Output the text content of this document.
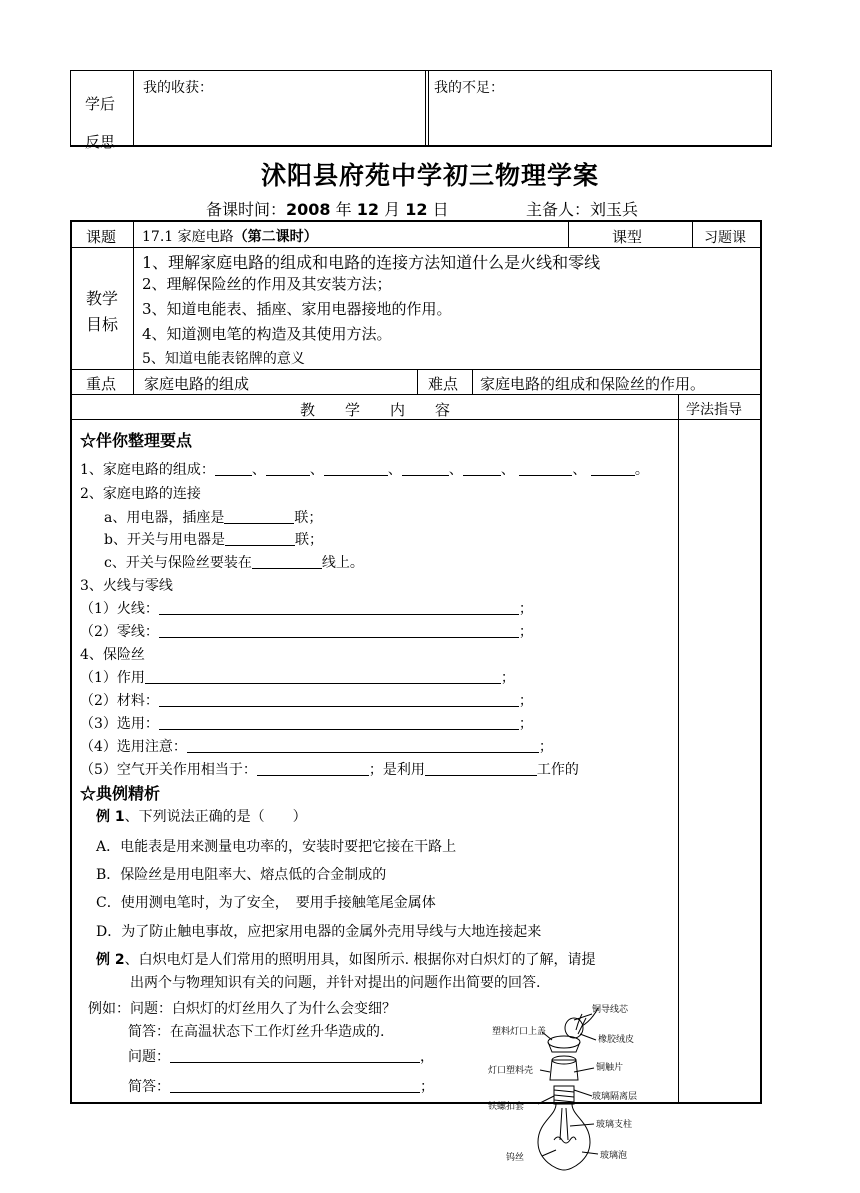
学后
反思
我的收获：	我的不足：
沭阳县府苑中学初三物理学案
备课时间：2008 年 12 月 12 日	主备人：刘玉兵
课题 17.1 家庭电路（第二课时）	课型	习题课
教学
目标
1、理解家庭电路的组成和电路的连接方法知道什么是火线和零线
2、理解保险丝的作用及其安装方法；
3、知道电能表、插座、家用电器接地的作用。
4、知道测电笔的构造及其使用方法。
5、知道电能表铭牌的意义
重点 家庭电路的组成	难点 家庭电路的组成和保险丝的作用。
教　　学　　内　　容	学法指导
☆伴你整理要点
1、家庭电路的组成：	、	、	、	、	、	、	。
2、家庭电路的连接
a、用电器，插座是	联；
b、开关与用电器是	联；
c、开关与保险丝要装在	线上。
3、火线与零线
（1）火线：	；
（2）零线：	；
4、保险丝
（1）作用	；
（2）材料：	；
（3）选用：	；
（4）选用注意：	；
（5）空气开关作用相当于：	；是利用	工作的
☆典例精析
例 1、下列说法正确的是（　　）
A．电能表是用来测量电功率的，安装时要把它接在干路上
B．保险丝是用电阻率大、熔点低的合金制成的
C．使用测电笔时，为了安全，　要用手接触笔尾金属体
D．为了防止触电事故，应把家用电器的金属外壳用导线与大地连接起来
例 2、白炽电灯是人们常用的照明用具，如图所示. 根据你对白炽灯的了解，请提
出两个与物理知识有关的问题，并针对提出的问题作出简要的回答.
例如：问题：白炽灯的灯丝用久了为什么会变细？
简答：在高温状态下工作灯丝升华造成的.
问题：	，
简答：	；
铜导线芯
塑料灯口上盖
橡胶绒皮
铜触片
灯口塑料壳
玻璃隔离层
铁螺扣套
玻璃支柱
钨丝	玻璃泡
